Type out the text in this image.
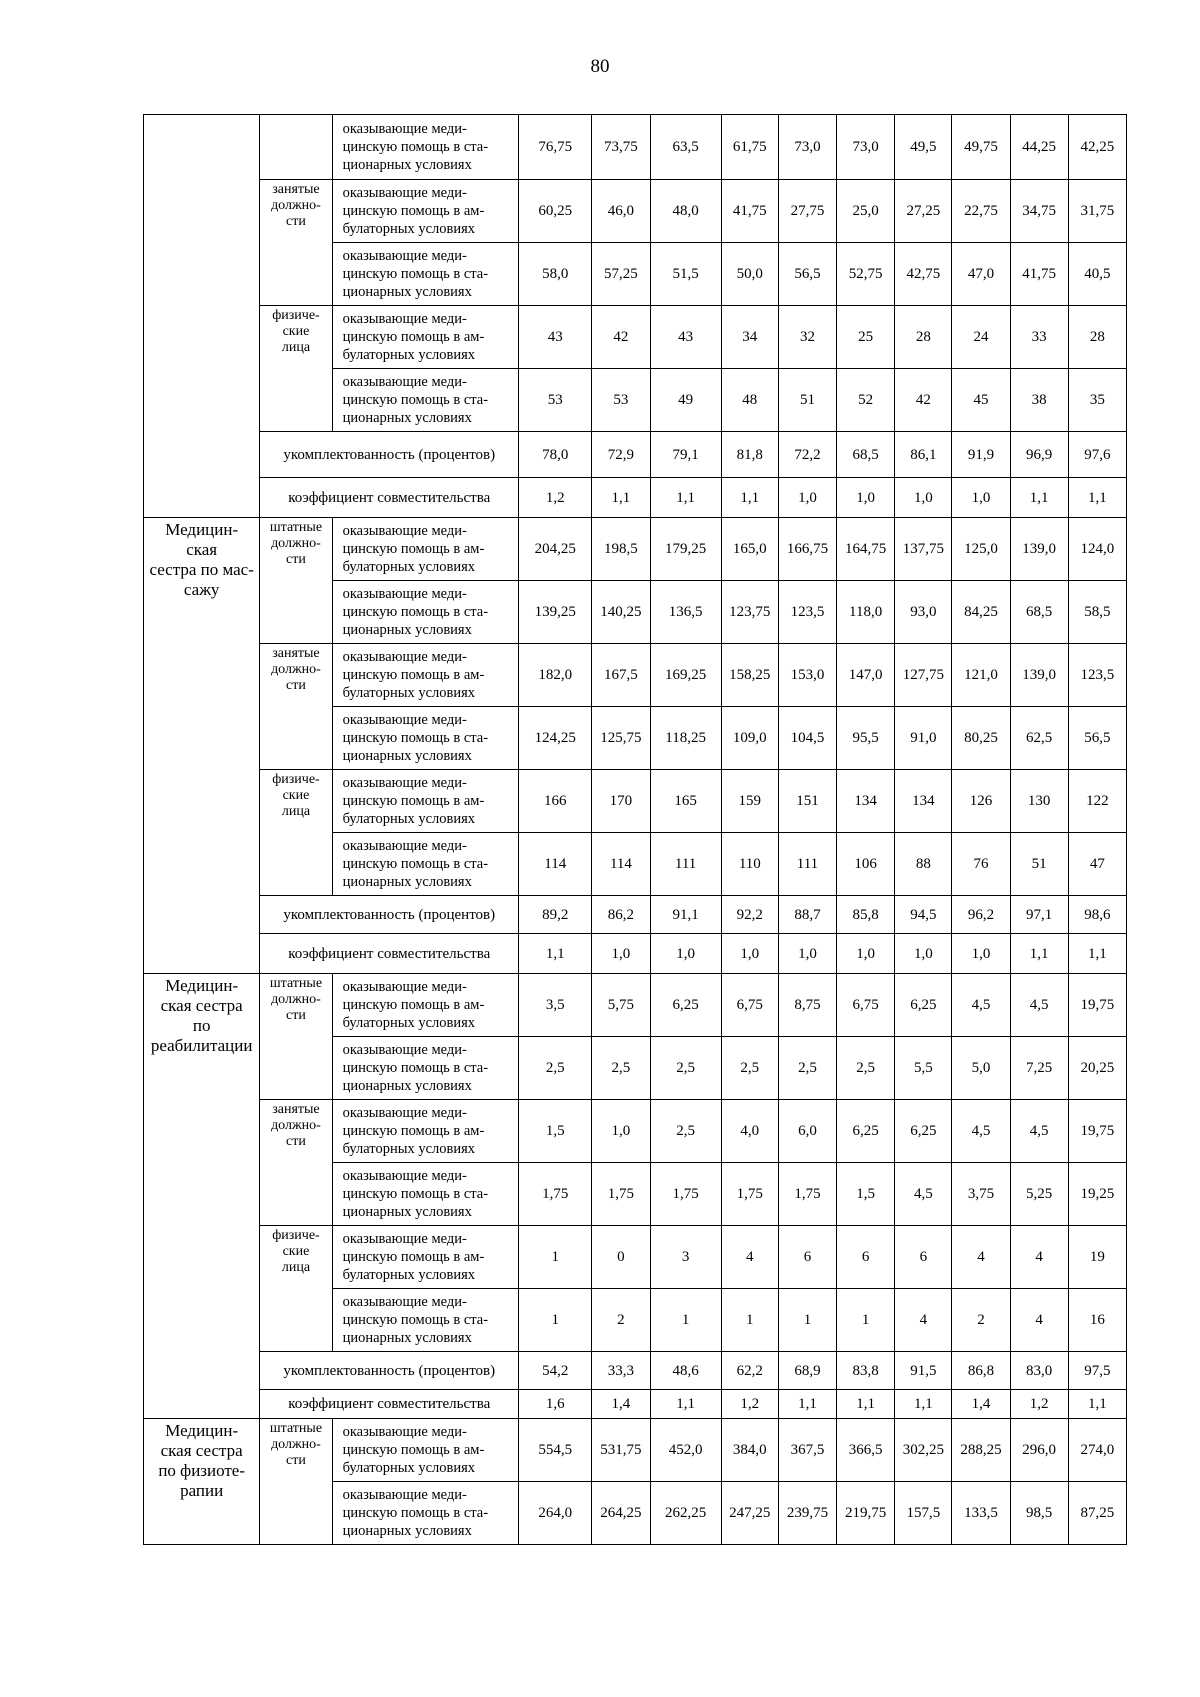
80
		оказывающие меди-
цинскую помощь в ста-
ционарных условиях	76,75	73,75	63,5	61,75	73,0	73,0	49,5	49,75	44,25	42,25
	занятые
должно-
сти	оказывающие меди-
цинскую помощь в ам-
булаторных условиях	60,25	46,0	48,0	41,75	27,75	25,0	27,25	22,75	34,75	31,75
		оказывающие меди-
цинскую помощь в ста-
ционарных условиях	58,0	57,25	51,5	50,0	56,5	52,75	42,75	47,0	41,75	40,5
	физиче-
ские
лица	оказывающие меди-
цинскую помощь в ам-
булаторных условиях	43	42	43	34	32	25	28	24	33	28
		оказывающие меди-
цинскую помощь в ста-
ционарных условиях	53	53	49	48	51	52	42	45	38	35
	укомплектованность (процентов)		78,0	72,9	79,1	81,8	72,2	68,5	86,1	91,9	96,9	97,6
	коэффициент совместительства		1,2	1,1	1,1	1,1	1,0	1,0	1,0	1,0	1,1	1,1
Медицин-
ская
сестра по мас-
сажу	штатные
должно-
сти	оказывающие меди-
цинскую помощь в ам-
булаторных условиях	204,25	198,5	179,25	165,0	166,75	164,75	137,75	125,0	139,0	124,0
		оказывающие меди-
цинскую помощь в ста-
ционарных условиях	139,25	140,25	136,5	123,75	123,5	118,0	93,0	84,25	68,5	58,5
	занятые
должно-
сти	оказывающие меди-
цинскую помощь в ам-
булаторных условиях	182,0	167,5	169,25	158,25	153,0	147,0	127,75	121,0	139,0	123,5
		оказывающие меди-
цинскую помощь в ста-
ционарных условиях	124,25	125,75	118,25	109,0	104,5	95,5	91,0	80,25	62,5	56,5
	физиче-
ские
лица	оказывающие меди-
цинскую помощь в ам-
булаторных условиях	166	170	165	159	151	134	134	126	130	122
		оказывающие меди-
цинскую помощь в ста-
ционарных условиях	114	114	111	110	111	106	88	76	51	47
	укомплектованность (процентов)		89,2	86,2	91,1	92,2	88,7	85,8	94,5	96,2	97,1	98,6
	коэффициент совместительства		1,1	1,0	1,0	1,0	1,0	1,0	1,0	1,0	1,1	1,1
Медицин-
ская сестра
по
реабилитации	штатные
должно-
сти	оказывающие меди-
цинскую помощь в ам-
булаторных условиях	3,5	5,75	6,25	6,75	8,75	6,75	6,25	4,5	4,5	19,75
		оказывающие меди-
цинскую помощь в ста-
ционарных условиях	2,5	2,5	2,5	2,5	2,5	2,5	5,5	5,0	7,25	20,25
	занятые
должно-
сти	оказывающие меди-
цинскую помощь в ам-
булаторных условиях	1,5	1,0	2,5	4,0	6,0	6,25	6,25	4,5	4,5	19,75
		оказывающие меди-
цинскую помощь в ста-
ционарных условиях	1,75	1,75	1,75	1,75	1,75	1,5	4,5	3,75	5,25	19,25
	физиче-
ские
лица	оказывающие меди-
цинскую помощь в ам-
булаторных условиях	1	0	3	4	6	6	6	4	4	19
		оказывающие меди-
цинскую помощь в ста-
ционарных условиях	1	2	1	1	1	1	4	2	4	16
	укомплектованность (процентов)		54,2	33,3	48,6	62,2	68,9	83,8	91,5	86,8	83,0	97,5
	коэффициент совместительства		1,6	1,4	1,1	1,2	1,1	1,1	1,1	1,4	1,2	1,1
Медицин-
ская сестра
по физиоте-
рапии	штатные
должно-
сти	оказывающие меди-
цинскую помощь в ам-
булаторных условиях	554,5	531,75	452,0	384,0	367,5	366,5	302,25	288,25	296,0	274,0
		оказывающие меди-
цинскую помощь в ста-
ционарных условиях	264,0	264,25	262,25	247,25	239,75	219,75	157,5	133,5	98,5	87,25
